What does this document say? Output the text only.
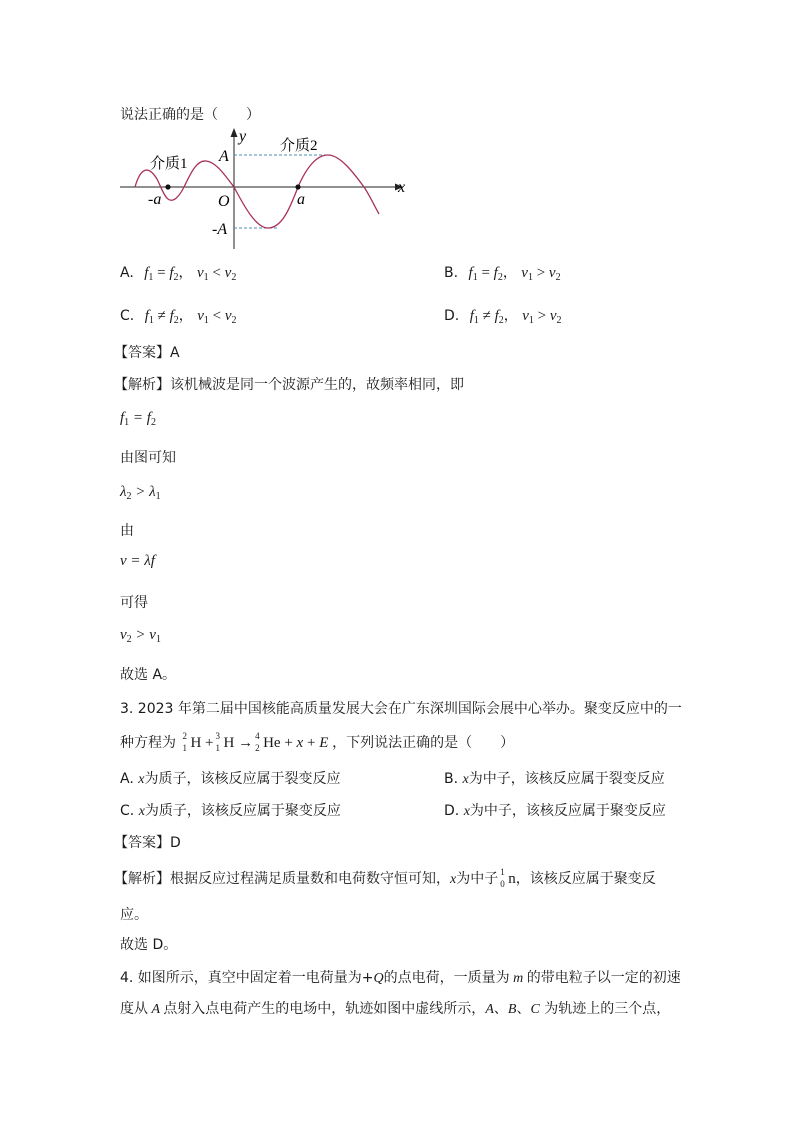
说法正确的是（　　）
y
x
A
-A
O	a
-a
介质1
介质2
A. $f_1 = f_2$， $v_1 < v_2$	B. $f_1 = f_2$， $v_1 > v_2$
C. $f_1 \ne f_2$， $v_1 < v_2$	D. $f_1 \ne f_2$， $v_1 > v_2$
【答案】A
【解析】该机械波是同一个波源产生的，故频率相同，即
$f_1 = f_2$
由图可知
$\lambda_2 > \lambda_1$
由
v = λf
可得
$v_2 > v_1$
故选 A。
3. 2023 年第二届中国核能高质量发展大会在广东深圳国际会展中心举办。聚变反应中的一
种方程为 2
1 H + 3
1 H → 4
2 He + x + E ，下列说法正确的是（　　）
A. x为质子，该核反应属于裂变反应	B. x为中子，该核反应属于裂变反应
C. x为质子，该核反应属于聚变反应	D. x为中子，该核反应属于聚变反应
【答案】D
【解析】根据反应过程满足质量数和电荷数守恒可知，x为中子 1
0 n，该核反应属于聚变反
应。
故选 D。
4. 如图所示，真空中固定着一电荷量为+Q的点电荷，一质量为 m 的带电粒子以一定的初速
度从 A 点射入点电荷产生的电场中，轨迹如图中虚线所示，A、B、C 为轨迹上的三个点，
